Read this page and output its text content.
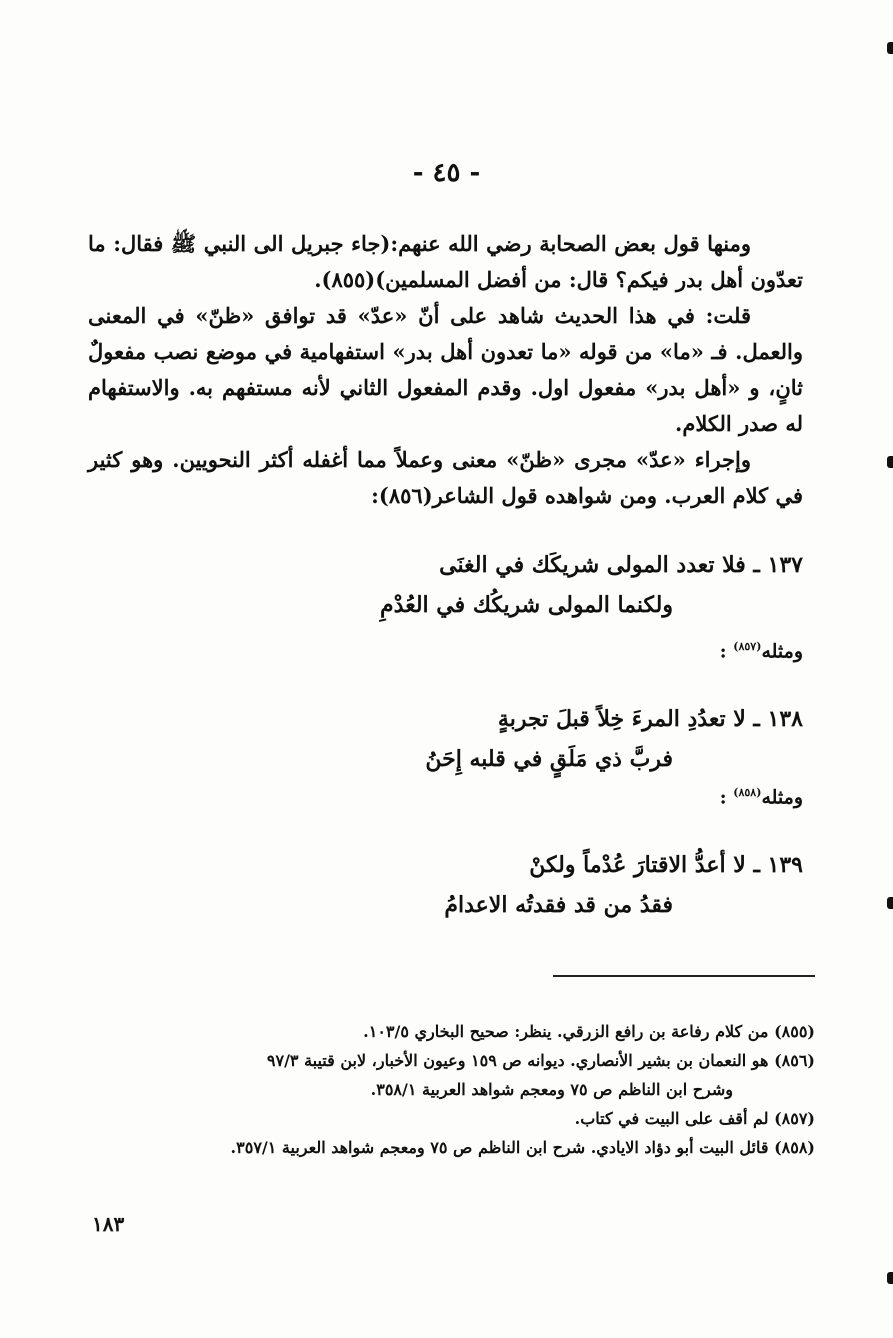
- ٤٥ -

ومنها قول بعض الصحابة رضي الله عنهم:(جاء جبريل الى النبي ﷺ فقال: ما تعدّون أهل بدر فيكم؟ قال: من أفضل المسلمين)(٨٥٥).

قلت: في هذا الحديث شاهد على أنّ «عدّ» قد توافق «ظنّ» في المعنى والعمل. فـ «ما» من قوله «ما تعدون أهل بدر» استفهامية في موضع نصب مفعولٌ ثانٍ، و «أهل بدر» مفعول اول. وقدم المفعول الثاني لأنه مستفهم به. والاستفهام له صدر الكلام.

وإجراء «عدّ» مجرى «ظنّ» معنى وعملاً مما أغفله أكثر النحويين. وهو كثير في كلام العرب. ومن شواهده قول الشاعر(٨٥٦):

١٣٧ ـ فلا تعدد المولى شريكَك في الغنَى
ولكنما المولى شريكُك في العُدْمِ
ومثله$^{(٨٥٧)}$ :
١٣٨ ـ لا تعدُدِ المرءَ خِلاً قبلَ تجربةٍ
فربَّ ذي مَلَقٍ في قلبه إِحَنُ
ومثله$^{(٨٥٨)}$ :
١٣٩ ـ لا أعدُّ الاقتارَ عُدْماً ولكنْ
فقدُ من قد فقدتُه الاعدامُ

(٨٥٥) من كلام رفاعة بن رافع الزرقي. ينظر: صحيح البخاري ١٠٣/٥.

(٨٥٦) هو النعمان بن بشير الأنصاري. ديوانه ص ١٥٩ وعيون الأخبار، لابن قتيبة ٩٧/٣

وشرح ابن الناظم ص ٧٥ ومعجم شواهد العربية ٣٥٨/١.

(٨٥٧) لم أقف على البيت في كتاب.

(٨٥٨) قائل البيت أبو دؤاد الايادي. شرح ابن الناظم ص ٧٥ ومعجم شواهد العربية ٣٥٧/١.

١٨٣
